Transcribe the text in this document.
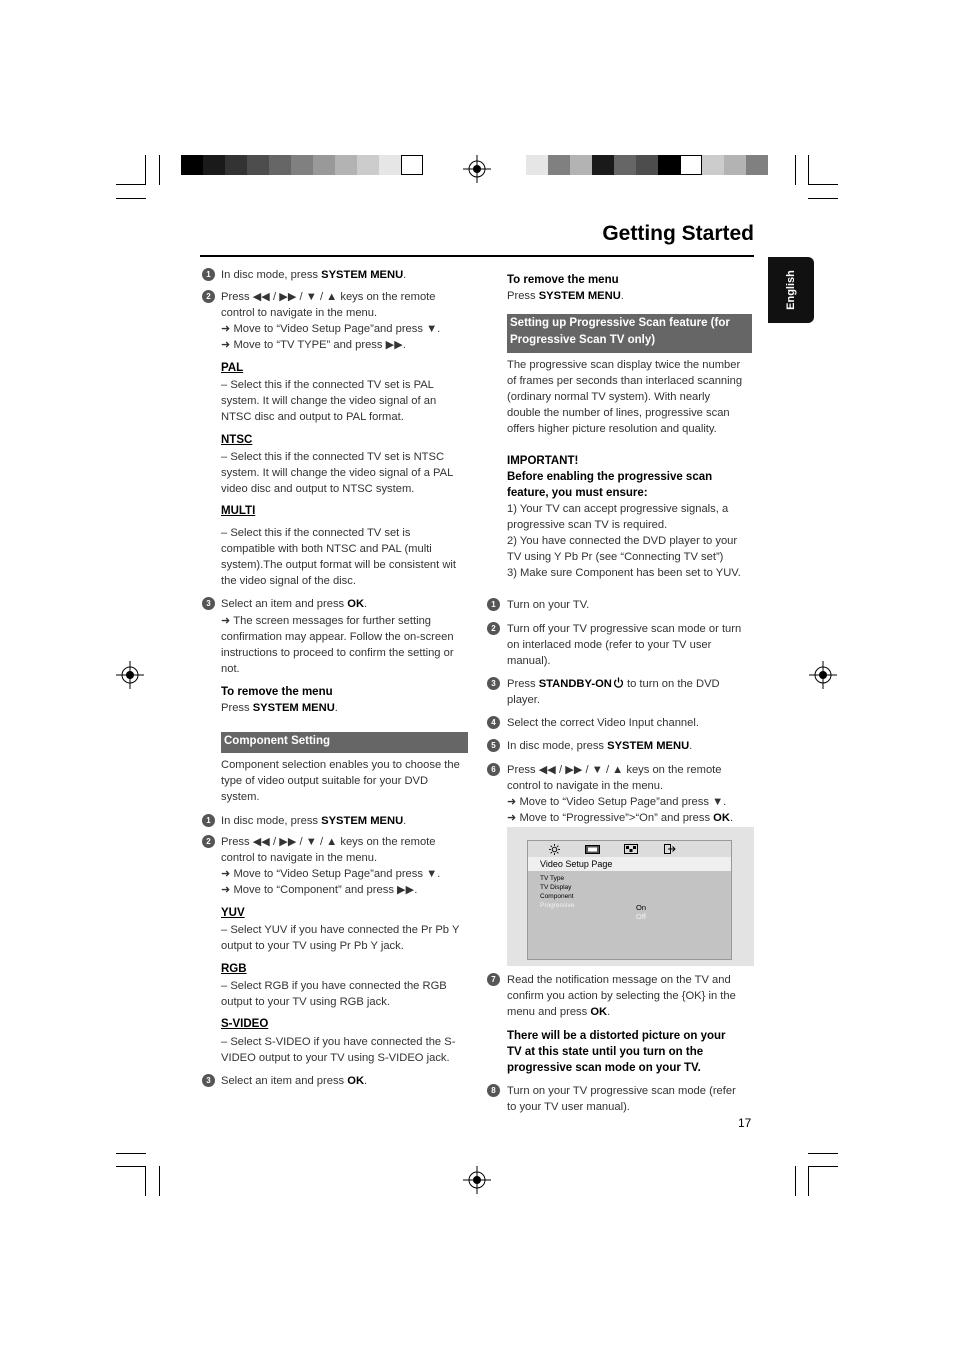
Getting Started
English
1 In disc mode, press SYSTEM MENU.
2 Press ◀◀ / ▶▶ / ▼ / ▲ keys on the remote
control to navigate in the menu.
➜ Move to “Video Setup Page”and press ▼.
➜ Move to “TV TYPE” and press ▶▶.
PAL
– Select this if the connected TV set is PAL
system. It will change the video signal of an
NTSC disc and output to PAL format.
NTSC
– Select this if the connected TV set is NTSC
system. It will change the video signal of a PAL
video disc and output to NTSC system.
MULTI
– Select this if the connected TV set is
compatible with both NTSC and PAL (multi
system).The output format will be consistent wit
the video signal of the disc.
3 Select an item and press OK.
➜ The screen messages for further setting
confirmation may appear. Follow the on-screen
instructions to proceed to confirm the setting or
not.
To remove the menu
Press SYSTEM MENU.
Component Setting
Component selection enables you to choose the
type of video output suitable for your DVD
system.
1 In disc mode, press SYSTEM MENU.
2 Press ◀◀ / ▶▶ / ▼ / ▲ keys on the remote
control to navigate in the menu.
➜ Move to “Video Setup Page”and press ▼.
➜ Move to “Component” and press ▶▶.
YUV
– Select YUV if you have connected the Pr Pb Y
output to your TV using Pr Pb Y jack.
RGB
– Select RGB if you have connected the RGB
output to your TV using RGB jack.
S-VIDEO
– Select S-VIDEO if you have connected the S-
VIDEO output to your TV using S-VIDEO jack.
3 Select an item and press OK.
To remove the menu
Press SYSTEM MENU.
Setting up Progressive Scan feature (for
Progressive Scan TV only)
The progressive scan display twice the number
of frames per seconds than interlaced scanning
(ordinary normal TV system). With nearly
double the number of lines, progressive scan
offers higher picture resolution and quality.
IMPORTANT!
Before enabling the progressive scan
feature, you must ensure:
1) Your TV can accept progressive signals, a
progressive scan TV is required.
2) You have connected the DVD player to your
TV using Y Pb Pr (see “Connecting TV set”)
3) Make sure Component has been set to YUV.
1	Turn on your TV.
2	Turn off your TV progressive scan mode or turn
on interlaced mode (refer to your TV user
manual).
3	Press STANDBY-ON to turn on the DVD
player.
4	Select the correct Video Input channel.
5	In disc mode, press SYSTEM MENU.
6	Press ◀◀ / ▶▶ / ▼ / ▲ keys on the remote
control to navigate in the menu.
➜ Move to “Video Setup Page”and press ▼.
➜ Move to “Progressive”>“On” and press OK.
Video Setup Page
TV Type
TV Display
Component
Progressive	On
Off
7	Read the notification message on the TV and
confirm you action by selecting the {OK} in the
menu and press OK.
There will be a distorted picture on your
TV at this state until you turn on the
progressive scan mode on your TV.
8	Turn on your TV progressive scan mode (refer
to your TV user manual).
17
